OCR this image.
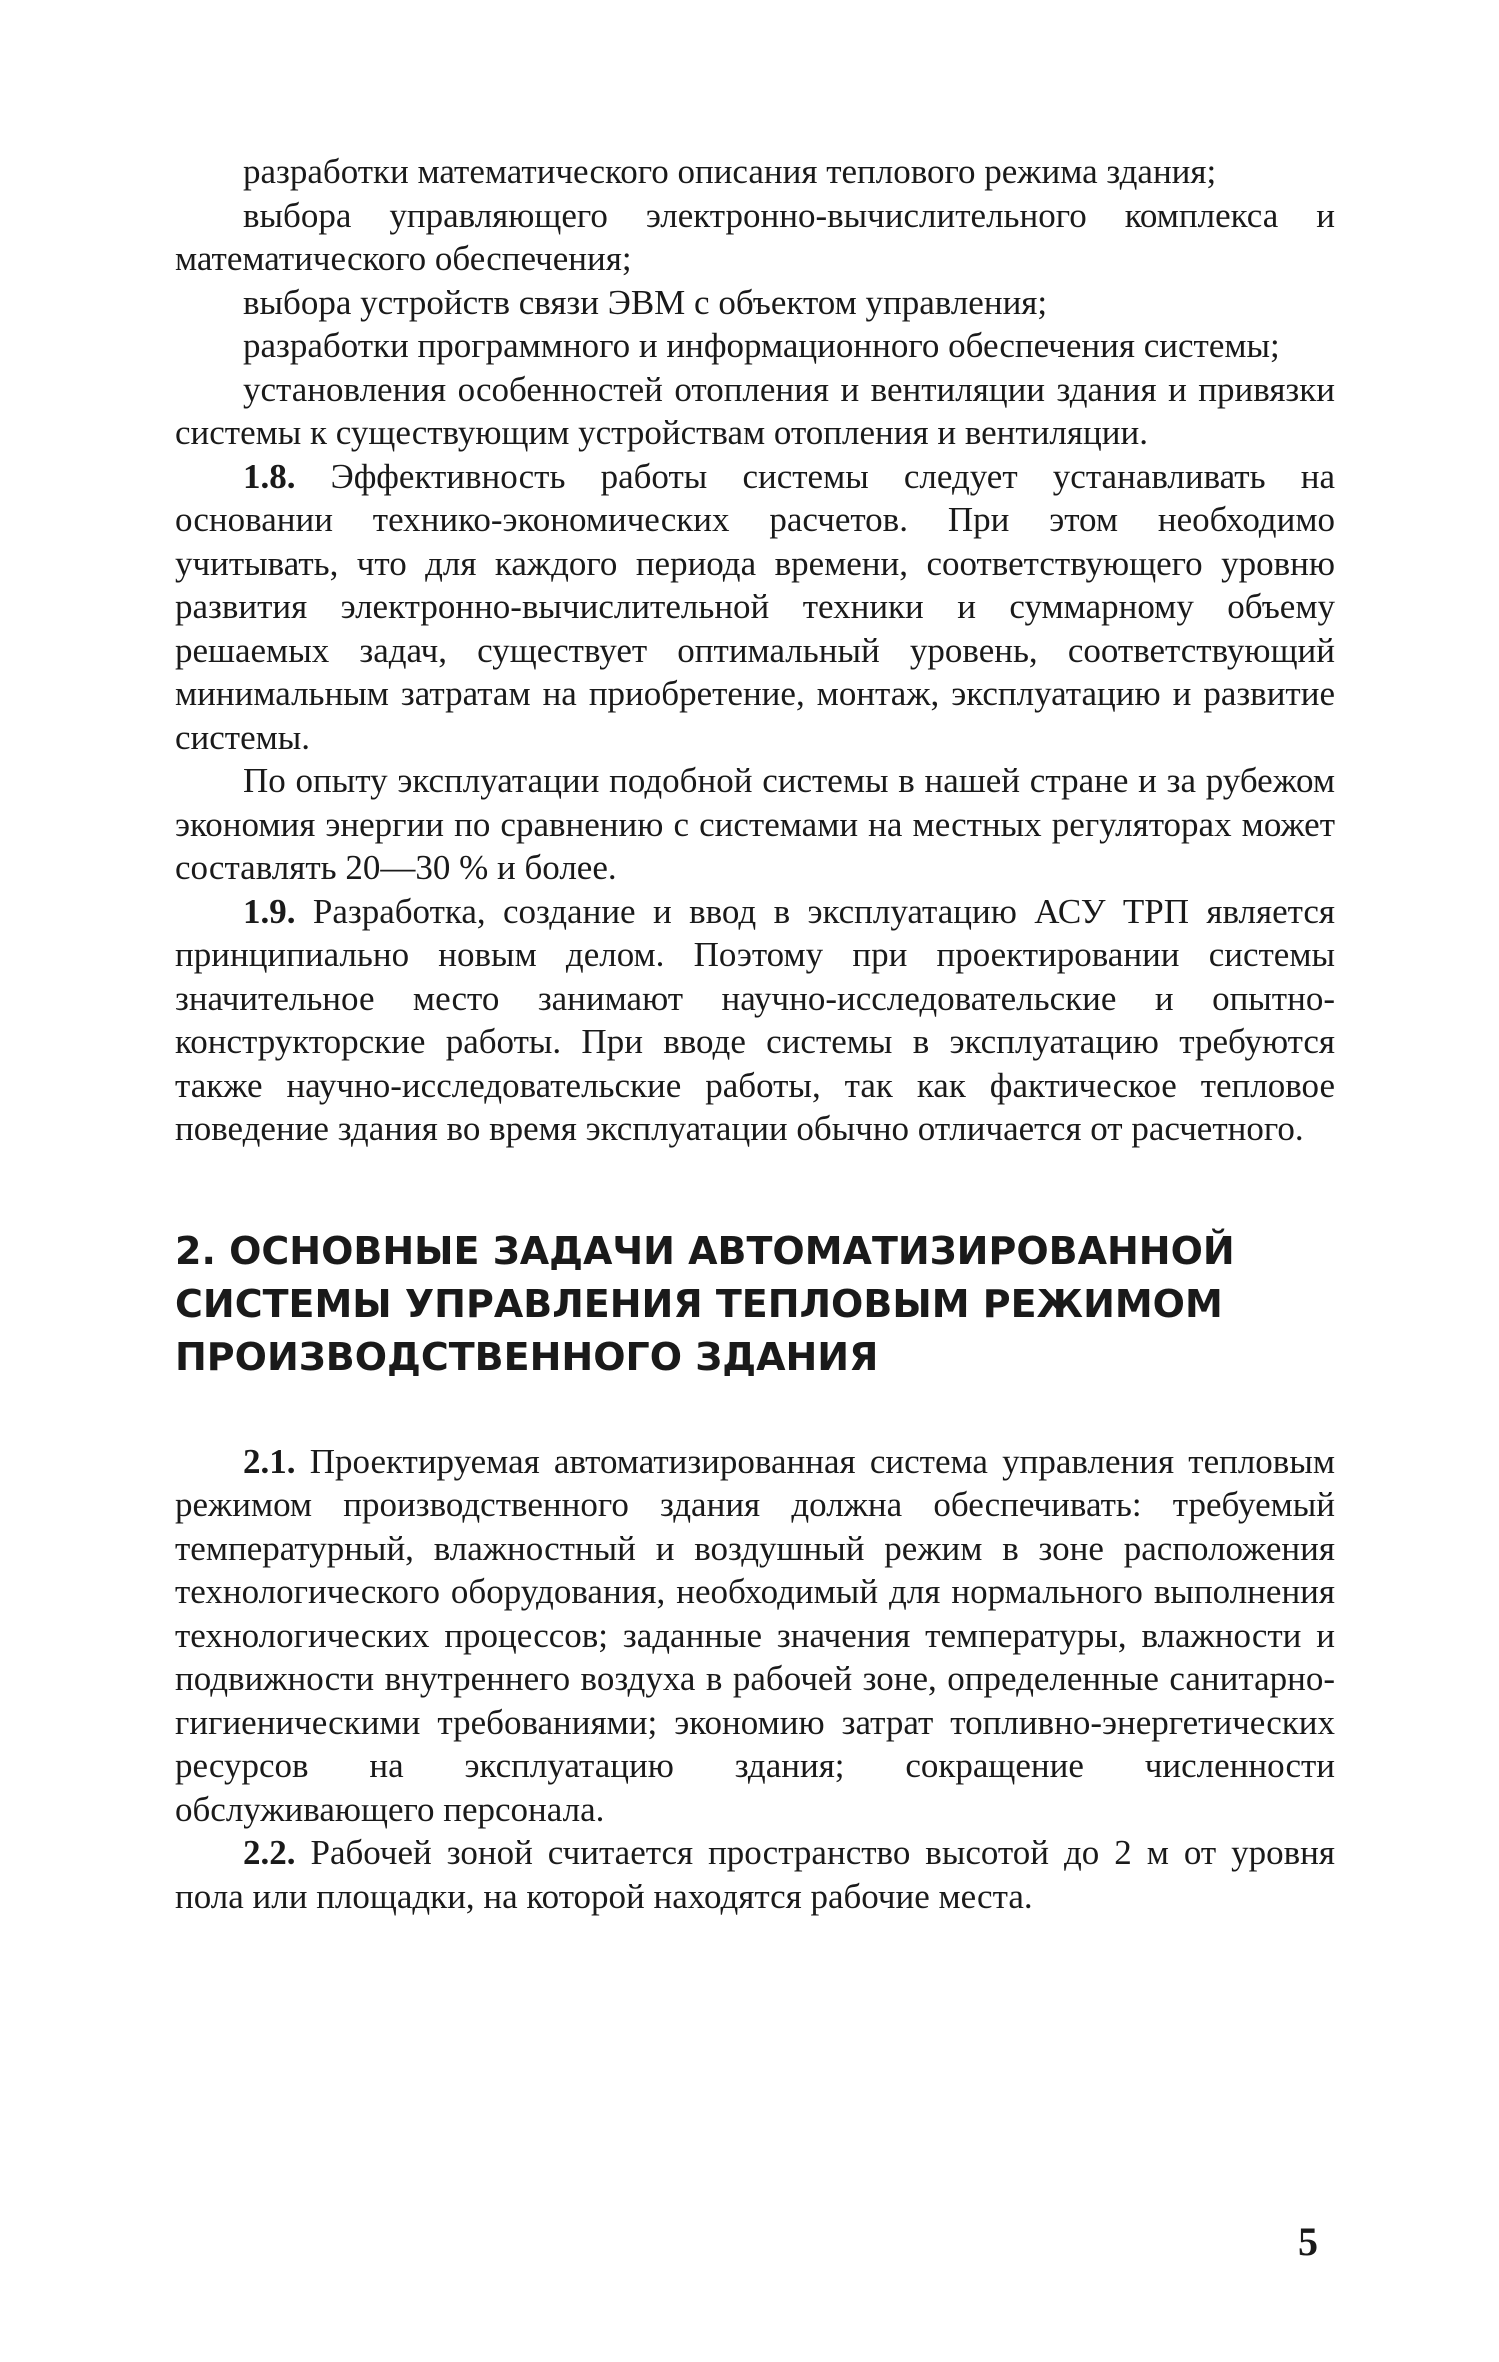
разработки математического описания теплового режима здания;

выбора управляющего электронно-вычислительного комплекса и математического обеспечения;

выбора устройств связи ЭВМ с объектом управления;

разработки программного и информационного обеспечения системы;

установления особенностей отопления и вентиляции здания и привязки системы к существующим устройствам отопления и вентиляции.

1.8. Эффективность работы системы следует устанавливать на основании технико-экономических расчетов. При этом необходимо учитывать, что для каждого периода времени, соответствующего уровню развития электронно-вычислительной техники и суммарному объему решаемых задач, существует оптимальный уровень, соответствующий минимальным затратам на приобретение, монтаж, эксплуатацию и развитие системы.

По опыту эксплуатации подобной системы в нашей стране и за рубежом экономия энергии по сравнению с системами на местных регуляторах может составлять 20—30 % и более.

1.9. Разработка, создание и ввод в эксплуатацию АСУ ТРП является принципиально новым делом. Поэтому при проектировании системы значительное место занимают научно-исследовательские и опытно-конструкторские работы. При вводе системы в эксплуатацию требуются также научно-исследовательские работы, так как фактическое тепловое поведение здания во время эксплуатации обычно отличается от расчетного.

2. ОСНОВНЫЕ ЗАДАЧИ АВТОМАТИЗИРОВАННОЙ
СИСТЕМЫ УПРАВЛЕНИЯ ТЕПЛОВЫМ РЕЖИМОМ
ПРОИЗВОДСТВЕННОГО ЗДАНИЯ

2.1. Проектируемая автоматизированная система управления тепловым режимом производственного здания должна обеспечивать: требуемый температурный, влажностный и воздушный режим в зоне расположения технологического оборудования, необходимый для нормального выполнения технологических процессов; заданные значения температуры, влажности и подвижности внутреннего воздуха в рабочей зоне, определенные санитарно-гигиеническими требованиями; экономию затрат топливно-энергетических ресурсов на эксплуатацию здания; сокращение численности обслуживающего персонала.

2.2. Рабочей зоной считается пространство высотой до 2 м от уровня пола или площадки, на которой находятся рабочие места.

5
